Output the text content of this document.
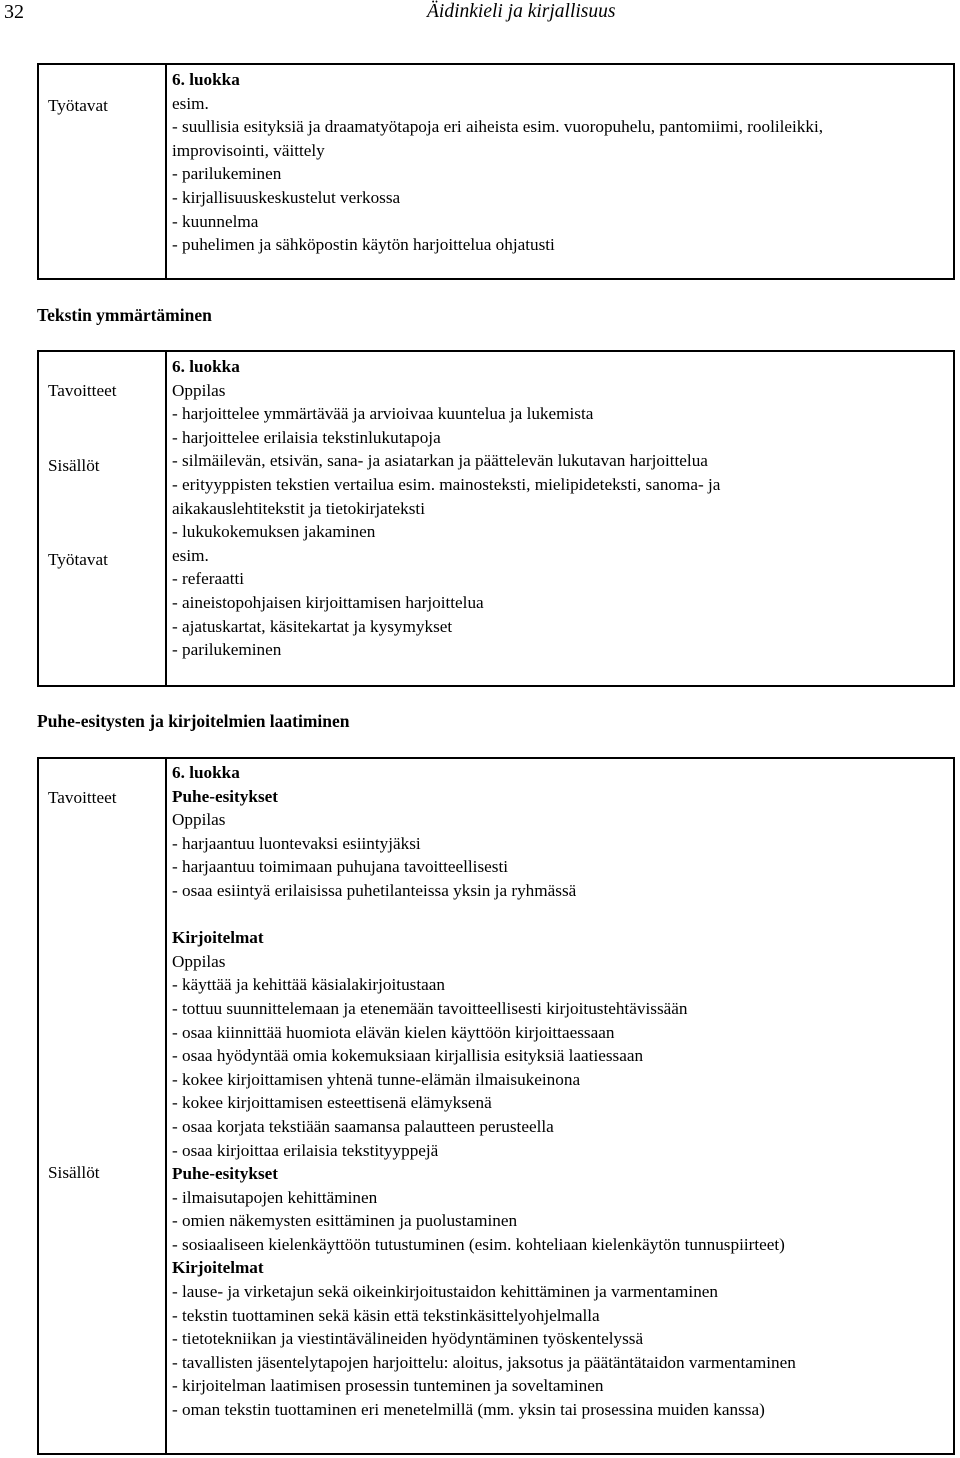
32	Äidinkieli ja kirjallisuus
Työtavat
6. luokka
esim.
- suullisia esityksiä ja draamatyötapoja eri aiheista esim. vuoropuhelu, pantomiimi, roolileikki,
improvisointi, väittely
- parilukeminen
- kirjallisuuskeskustelut verkossa
- kuunnelma
- puhelimen ja sähköpostin käytön harjoittelua ohjatusti
Tekstin ymmärtäminen
Tavoitteet
Sisällöt
Työtavat
6. luokka
Oppilas
- harjoittelee ymmärtävää ja arvioivaa kuuntelua ja lukemista
- harjoittelee erilaisia tekstinlukutapoja
- silmäilevän, etsivän, sana- ja asiatarkan ja päättelevän lukutavan harjoittelua
- erityyppisten tekstien vertailua esim. mainosteksti, mielipideteksti, sanoma- ja
aikakauslehtitekstit ja tietokirjateksti
- lukukokemuksen jakaminen
esim.
- referaatti
- aineistopohjaisen kirjoittamisen harjoittelua
- ajatuskartat, käsitekartat ja kysymykset
- parilukeminen
Puhe-esitysten ja kirjoitelmien laatiminen
Tavoitteet
Sisällöt
6. luokka
Puhe-esitykset
Oppilas
- harjaantuu luontevaksi esiintyjäksi
- harjaantuu toimimaan puhujana tavoitteellisesti
- osaa esiintyä erilaisissa puhetilanteissa yksin ja ryhmässä
Kirjoitelmat
Oppilas
- käyttää ja kehittää käsialakirjoitustaan
- tottuu suunnittelemaan ja etenemään tavoitteellisesti kirjoitustehtävissään
- osaa kiinnittää huomiota elävän kielen käyttöön kirjoittaessaan
- osaa hyödyntää omia kokemuksiaan kirjallisia esityksiä laatiessaan
- kokee kirjoittamisen yhtenä tunne-elämän ilmaisukeinona
- kokee kirjoittamisen esteettisenä elämyksenä
- osaa korjata tekstiään saamansa palautteen perusteella
- osaa kirjoittaa erilaisia tekstityyppejä
Puhe-esitykset
- ilmaisutapojen kehittäminen
- omien näkemysten esittäminen ja puolustaminen
- sosiaaliseen kielenkäyttöön tutustuminen (esim. kohteliaan kielenkäytön tunnuspiirteet)
Kirjoitelmat
- lause- ja virketajun sekä oikeinkirjoitustaidon kehittäminen ja varmentaminen
- tekstin tuottaminen sekä käsin että tekstinkäsittelyohjelmalla
- tietotekniikan ja viestintävälineiden hyödyntäminen työskentelyssä
- tavallisten jäsentelytapojen harjoittelu: aloitus, jaksotus ja päätäntätaidon varmentaminen
- kirjoitelman laatimisen prosessin tunteminen ja soveltaminen
- oman tekstin tuottaminen eri menetelmillä (mm. yksin tai prosessina muiden kanssa)
